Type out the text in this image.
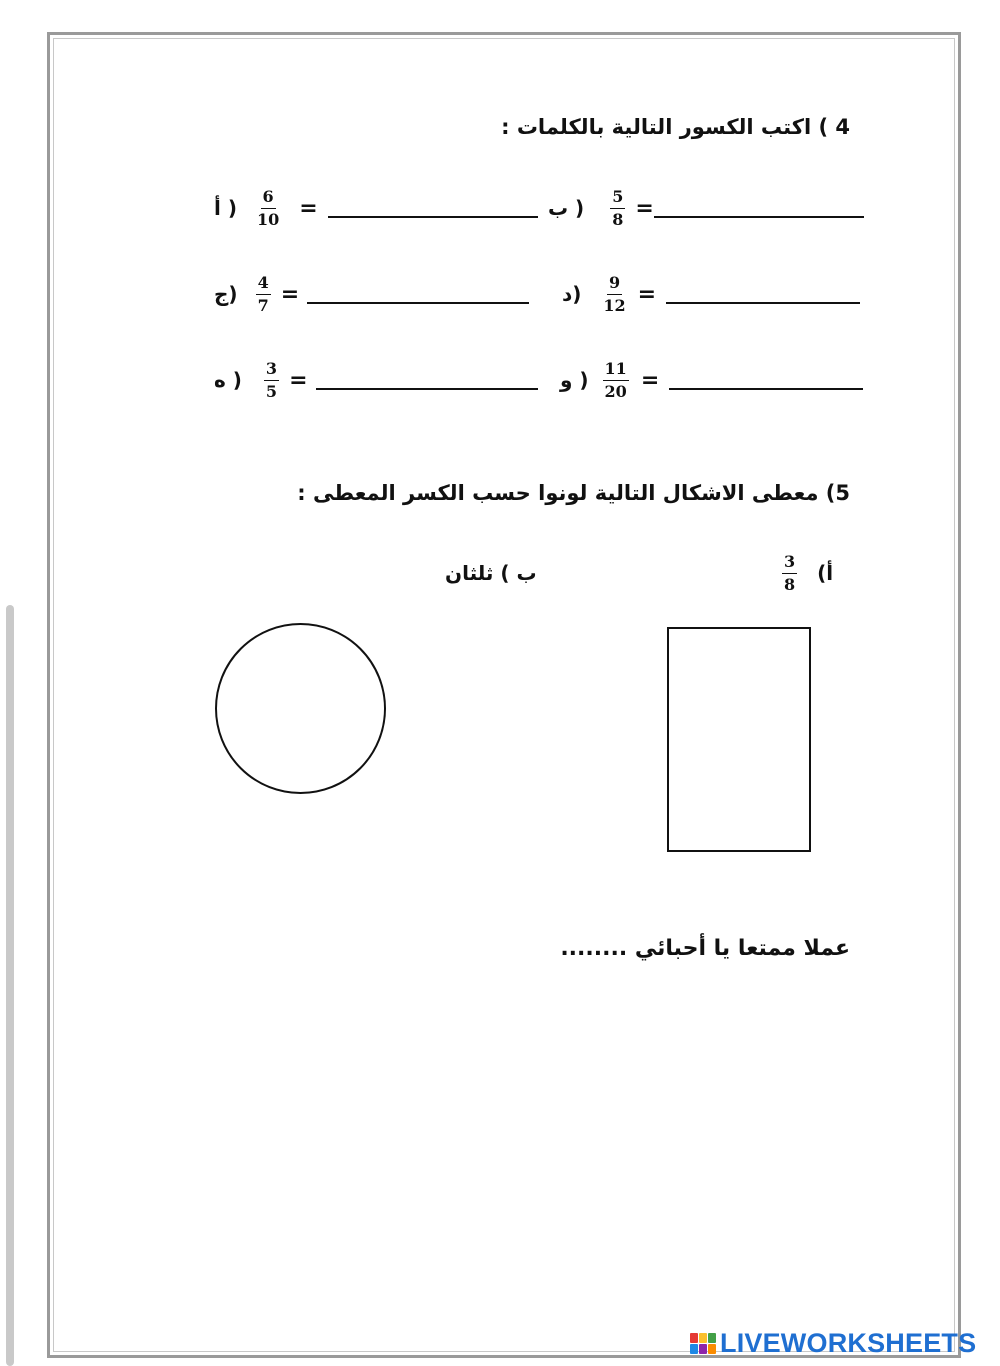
4 ) اكتب الكسور التالية بالكلمات :
( ب $\frac{5}{8}$ =
( أ $\frac{6}{10}$ =
(د $\frac{9}{12}$ =
(ج $\frac{4}{7}$ =
( و $\frac{11}{20}$ =
( ه $\frac{3}{5}$ =
5) معطى الاشكال التالية لونوا حسب الكسر المعطى :
$\frac{3}{8}$ أ)
ب ) ثلثان
عملا ممتعا يا أحبائي ........
LIVEWORKSHEETS
